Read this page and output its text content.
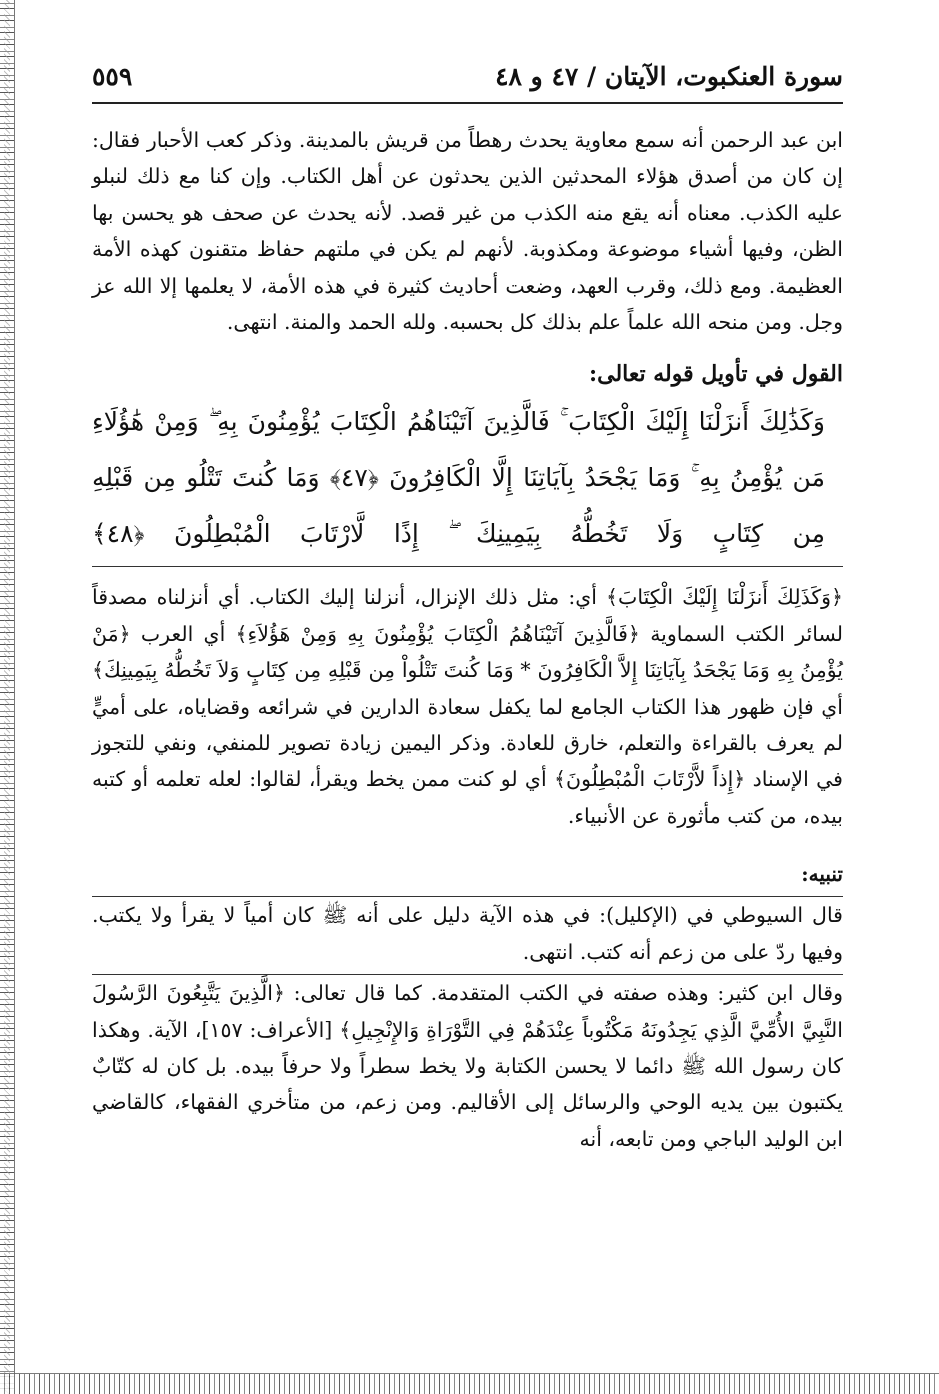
سورة العنكبوت، الآيتان / ٤٧ و ٤٨
٥٥٩

ابن عبد الرحمن أنه سمع معاوية يحدث رهطاً من قريش بالمدينة. وذكر كعب الأحبار فقال: إن كان من أصدق هؤلاء المحدثين الذين يحدثون عن أهل الكتاب. وإن كنا مع ذلك لنبلو عليه الكذب. معناه أنه يقع منه الكذب من غير قصد. لأنه يحدث عن صحف هو يحسن بها الظن، وفيها أشياء موضوعة ومكذوبة. لأنهم لم يكن في ملتهم حفاظ متقنون كهذه الأمة العظيمة. ومع ذلك، وقرب العهد، وضعت أحاديث كثيرة في هذه الأمة، لا يعلمها إلا الله عز وجل. ومن منحه الله علماً علم بذلك كل بحسبه. ولله الحمد والمنة. انتهى.

القول في تأويل قوله تعالى:

وَكَذَٰلِكَ أَنزَلْنَا إِلَيْكَ الْكِتَابَ ۚ فَالَّذِينَ آتَيْنَاهُمُ الْكِتَابَ يُؤْمِنُونَ بِهِ ۖ وَمِنْ هَٰؤُلَاءِ مَن يُؤْمِنُ بِهِ ۚ وَمَا يَجْحَدُ بِآيَاتِنَا إِلَّا الْكَافِرُونَ ﴿٤٧﴾ وَمَا كُنتَ تَتْلُو مِن قَبْلِهِ مِن كِتَابٍ وَلَا تَخُطُّهُ بِيَمِينِكَ ۖ إِذًا لَّارْتَابَ الْمُبْطِلُونَ ﴿٤٨﴾

﴿وَكَذَلِكَ أَنزَلْنَا إِلَيْكَ الْكِتَابَ﴾ أي: مثل ذلك الإنزال، أنزلنا إليك الكتاب. أي أنزلناه مصدقاً لسائر الكتب السماوية ﴿فَالَّذِينَ آتَيْنَاهُمُ الْكِتَابَ يُؤْمِنُونَ بِهِ وَمِنْ هَؤُلاَءِ﴾ أي العرب ﴿مَنْ يُؤْمِنُ بِهِ وَمَا يَجْحَدُ بِآيَاتِنَا إِلاَّ الْكَافِرُونَ * وَمَا كُنتَ تَتْلُواْ مِن قَبْلِهِ مِن كِتَابٍ وَلاَ تَخُطُّهُ بِيَمِينِكَ﴾ أي فإن ظهور هذا الكتاب الجامع لما يكفل سعادة الدارين في شرائعه وقضاياه، على أميٍّ لم يعرف بالقراءة والتعلم، خارق للعادة. وذكر اليمين زيادة تصوير للمنفي، ونفي للتجوز في الإسناد ﴿إِذاً لاَّرْتَابَ الْمُبْطِلُونَ﴾ أي لو كنت ممن يخط ويقرأ، لقالوا: لعله تعلمه أو كتبه بيده، من كتب مأثورة عن الأنبياء.

تنبيه:

قال السيوطي في (الإكليل): في هذه الآية دليل على أنه ﷺ كان أمياً لا يقرأ ولا يكتب. وفيها ردّ على من زعم أنه كتب. انتهى.

وقال ابن كثير: وهذه صفته في الكتب المتقدمة. كما قال تعالى: ﴿الَّذِينَ يَتَّبِعُونَ الرَّسُولَ النَّبِيَّ الأُمِّيَّ الَّذِي يَجِدُونَهُ مَكْتُوباً عِنْدَهُمْ فِي التَّوْرَاةِ وَالإِنْجِيلِ﴾ [الأعراف: ١٥٧]، الآية. وهكذا كان رسول الله ﷺ دائما لا يحسن الكتابة ولا يخط سطراً ولا حرفاً بيده. بل كان له كتّابٌ يكتبون بين يديه الوحي والرسائل إلى الأقاليم. ومن زعم، من متأخري الفقهاء، كالقاضي ابن الوليد الباجي ومن تابعه، أنه
